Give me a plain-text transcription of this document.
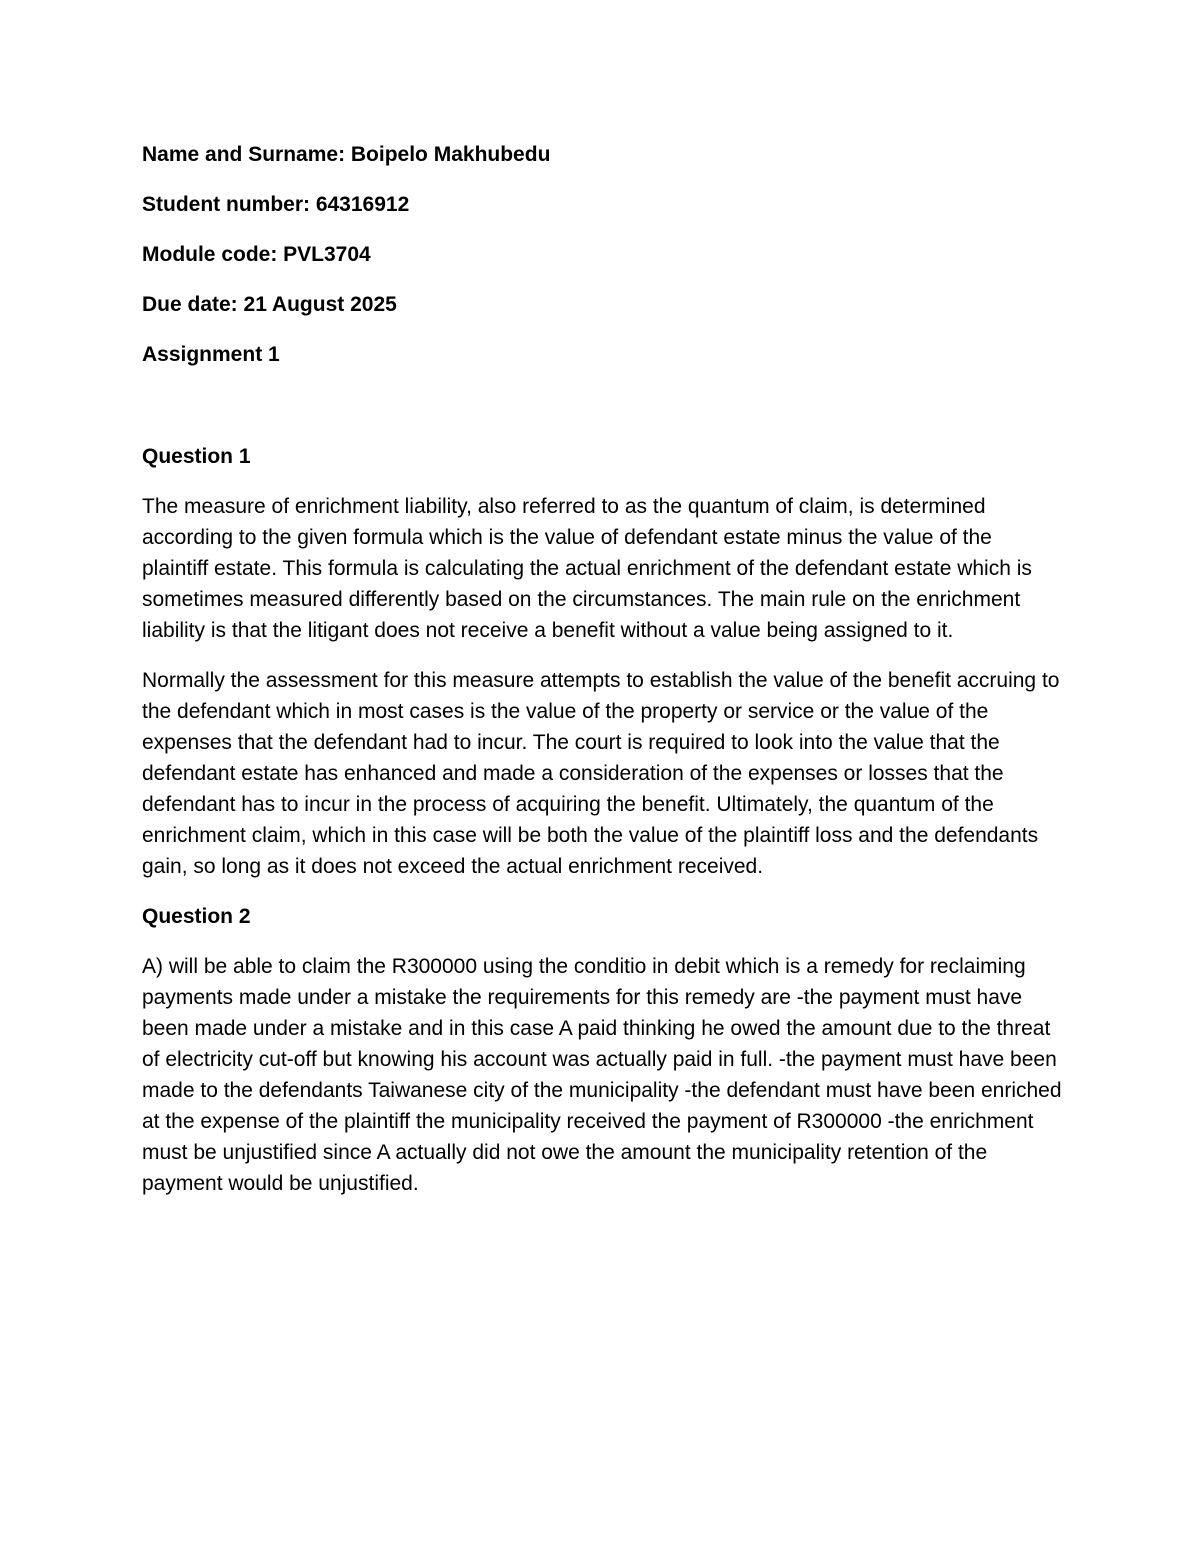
Name and Surname: Boipelo Makhubedu
Student number: 64316912
Module code: PVL3704
Due date: 21 August 2025
Assignment 1
Question 1

The measure of enrichment liability, also referred to as the quantum of claim, is determined according to the given formula which is the value of defendant estate minus the value of the plaintiff estate. This formula is calculating the actual enrichment of the defendant estate which is sometimes measured differently based on the circumstances. The main rule on the enrichment liability is that the litigant does not receive a benefit without a value being assigned to it.

Normally the assessment for this measure attempts to establish the value of the benefit accruing to the defendant which in most cases is the value of the property or service or the value of the expenses that the defendant had to incur. The court is required to look into the value that the defendant estate has enhanced and made a consideration of the expenses or losses that the defendant has to incur in the process of acquiring the benefit. Ultimately, the quantum of the enrichment claim, which in this case will be both the value of the plaintiff loss and the defendants gain, so long as it does not exceed the actual enrichment received.

Question 2

A) will be able to claim the R300000 using the conditio in debit which is a remedy for reclaiming payments made under a mistake the requirements for this remedy are -the payment must have been made under a mistake and in this case A paid thinking he owed the amount due to the threat of electricity cut-off but knowing his account was actually paid in full. -the payment must have been made to the defendants Taiwanese city of the municipality -the defendant must have been enriched at the expense of the plaintiff the municipality received the payment of R300000 -the enrichment must be unjustified since A actually did not owe the amount the municipality retention of the payment would be unjustified.
